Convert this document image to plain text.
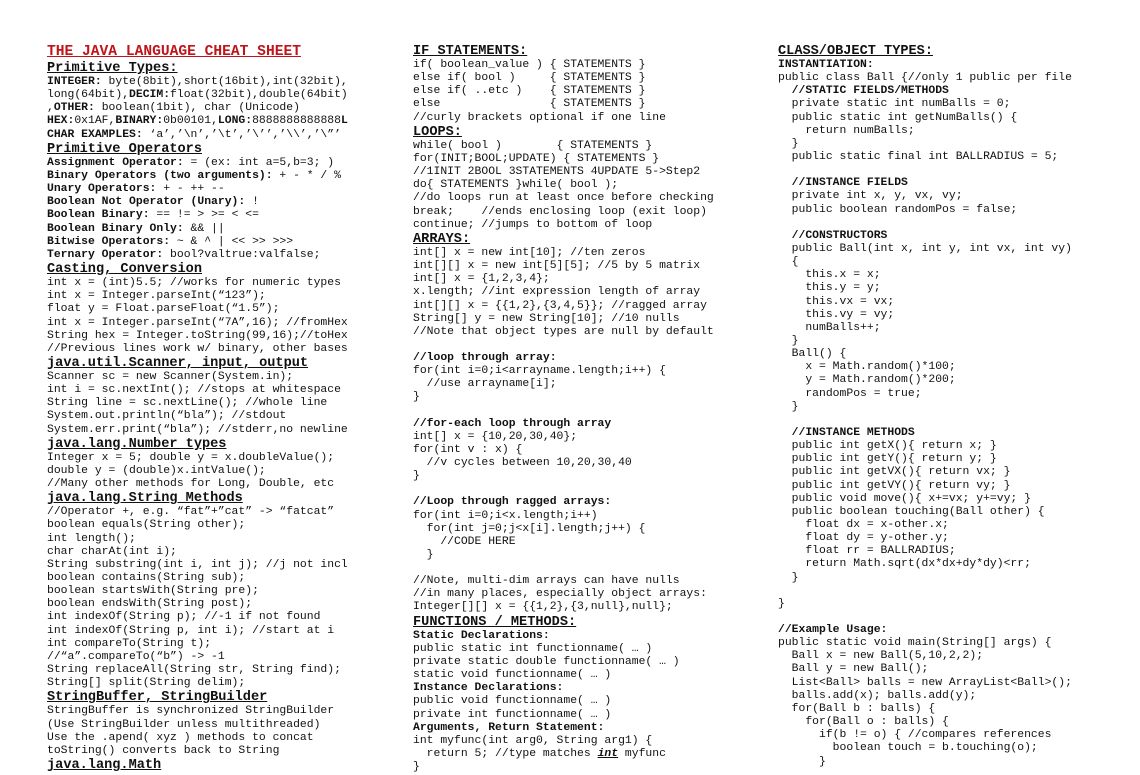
THE JAVA LANGUAGE CHEAT SHEET
Primitive Types:
INTEGER: byte(8bit),short(16bit),int(32bit),
long(64bit),DECIM:float(32bit),double(64bit)
,OTHER: boolean(1bit), char (Unicode)
HEX:0x1AF,BINARY:0b00101,LONG:8888888888888L
CHAR EXAMPLES: ‘a’,’\n’,’\t’,’\’’,’\\’,’\”’
Primitive Operators
Assignment Operator: = (ex: int a=5,b=3; )
Binary Operators (two arguments): + - * / %
Unary Operators: + - ++ --
Boolean Not Operator (Unary): !
Boolean Binary: == != > >= < <=
Boolean Binary Only: && ||
Bitwise Operators: ~ & ^ | << >> >>>
Ternary Operator: bool?valtrue:valfalse;
Casting, Conversion
int x = (int)5.5; //works for numeric types
int x = Integer.parseInt(“123”);
float y = Float.parseFloat(“1.5”);
int x = Integer.parseInt(“7A”,16); //fromHex
String hex = Integer.toString(99,16);//toHex
//Previous lines work w/ binary, other bases
java.util.Scanner, input, output
Scanner sc = new Scanner(System.in);
int i = sc.nextInt(); //stops at whitespace
String line = sc.nextLine(); //whole line
System.out.println(“bla”); //stdout
System.err.print(“bla”); //stderr,no newline
java.lang.Number types
Integer x = 5; double y = x.doubleValue();
double y = (double)x.intValue();
//Many other methods for Long, Double, etc
java.lang.String Methods
//Operator +, e.g. “fat”+”cat” -> “fatcat”
boolean equals(String other);
int length();
char charAt(int i);
String substring(int i, int j); //j not incl
boolean contains(String sub);
boolean startsWith(String pre);
boolean endsWith(String post);
int indexOf(String p); //-1 if not found
int indexOf(String p, int i); //start at i
int compareTo(String t);
//“a”.compareTo(“b”) -> -1
String replaceAll(String str, String find);
String[] split(String delim);
StringBuffer, StringBuilder
StringBuffer is synchronized StringBuilder
(Use StringBuilder unless multithreaded)
Use the .apend( xyz ) methods to concat
toString() converts back to String
java.lang.Math
IF STATEMENTS:
if( boolean_value ) { STATEMENTS }
else if( bool )     { STATEMENTS }
else if( ..etc )    { STATEMENTS }
else                { STATEMENTS }
//curly brackets optional if one line
LOOPS:
while( bool )        { STATEMENTS }
for(INIT;BOOL;UPDATE) { STATEMENTS }
//1INIT 2BOOL 3STATEMENTS 4UPDATE 5->Step2
do{ STATEMENTS }while( bool );
//do loops run at least once before checking
break;    //ends enclosing loop (exit loop)
continue; //jumps to bottom of loop
ARRAYS:
int[] x = new int[10]; //ten zeros
int[][] x = new int[5][5]; //5 by 5 matrix
int[] x = {1,2,3,4};
x.length; //int expression length of array
int[][] x = {{1,2},{3,4,5}}; //ragged array
String[] y = new String[10]; //10 nulls
//Note that object types are null by default
//loop through array:
for(int i=0;i<arrayname.length;i++) {
//use arrayname[i];
}
//for-each loop through array
int[] x = {10,20,30,40};
for(int v : x) {
//v cycles between 10,20,30,40
}
//Loop through ragged arrays:
for(int i=0;i<x.length;i++)
for(int j=0;j<x[i].length;j++) {
//CODE HERE
}
//Note, multi-dim arrays can have nulls
//in many places, especially object arrays:
Integer[][] x = {{1,2},{3,null},null};
FUNCTIONS / METHODS:
Static Declarations:
public static int functionname( … )
private static double functionname( … )
static void functionname( … )
Instance Declarations:
public void functionname( … )
private int functionname( … )
Arguments, Return Statement:
int myfunc(int arg0, String arg1) {
return 5; //type matches int myfunc
}
CLASS/OBJECT TYPES:
INSTANTIATION:
public class Ball {//only 1 public per file
//STATIC FIELDS/METHODS
private static int numBalls = 0;
public static int getNumBalls() {
return numBalls;
}
public static final int BALLRADIUS = 5;
//INSTANCE FIELDS
private int x, y, vx, vy;
public boolean randomPos = false;
//CONSTRUCTORS
public Ball(int x, int y, int vx, int vy)
{
this.x = x;
this.y = y;
this.vx = vx;
this.vy = vy;
numBalls++;
}
Ball() {
x = Math.random()*100;
y = Math.random()*200;
randomPos = true;
}
//INSTANCE METHODS
public int getX(){ return x; }
public int getY(){ return y; }
public int getVX(){ return vx; }
public int getVY(){ return vy; }
public void move(){ x+=vx; y+=vy; }
public boolean touching(Ball other) {
float dx = x-other.x;
float dy = y-other.y;
float rr = BALLRADIUS;
return Math.sqrt(dx*dx+dy*dy)<rr;
}
}
//Example Usage:
public static void main(String[] args) {
Ball x = new Ball(5,10,2,2);
Ball y = new Ball();
List<Ball> balls = new ArrayList<Ball>();
balls.add(x); balls.add(y);
for(Ball b : balls) {
for(Ball o : balls) {
if(b != o) { //compares references
boolean touch = b.touching(o);
}
